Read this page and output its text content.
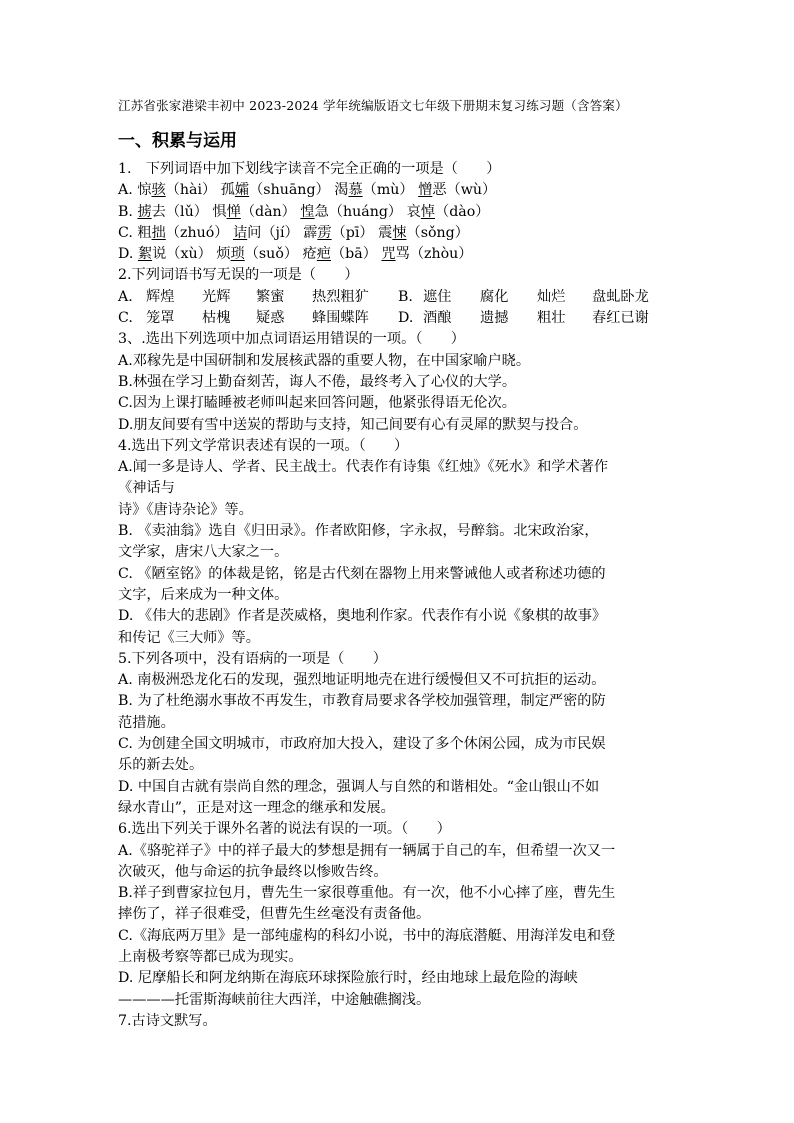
江苏省张家港梁丰初中 2023-2024 学年统编版语文七年级下册期末复习练习题（含答案）
一、积累与运用
1.　下列词语中加下划线字读音不完全正确的一项是（　　）
A. 惊骇（hài） 孤孀（shuāng） 渴慕（mù） 憎恶（wù）
B. 掳去（lǔ） 惧惮（dàn） 惶急（huáng） 哀悼（dào）
C. 粗拙（zhuó） 诘问（jí） 霹雳（pī） 震悚（sǒng）
D. 絮说（xù） 烦琐（suǒ） 疮疤（bā） 咒骂（zhòu）
2.下列词语书写无误的一项是（　　）
A. 辉煌 光辉 繁蜜 热烈粗犷 B. 遮住 腐化 灿烂 盘虬卧龙
C. 笼罩 枯槐 疑惑 蜂围蝶阵 D. 酒酿 遗撼 粗壮 春红已谢
3、.选出下列选项中加点词语运用错误的一项。（　　）
A.邓稼先是中国研制和发展核武器的重要人物，在中国家喻户晓。
B.林强在学习上勤奋刻苦，诲人不倦，最终考入了心仪的大学。
C.因为上课打瞌睡被老师叫起来回答问题，他紧张得语无伦次。
D.朋友间要有雪中送炭的帮助与支持，知己间要有心有灵犀的默契与投合。
4.选出下列文学常识表述有误的一项。（　　）
A.闻一多是诗人、学者、民主战士。代表作有诗集《红烛》《死水》和学术著作
《神话与
诗》《唐诗杂论》等。
B. 《卖油翁》选自《归田录》。作者欧阳修，字永叔，号醉翁。北宋政治家，
文学家，唐宋八大家之一。
C. 《陋室铭》的体裁是铭，铭是古代刻在器物上用来警诫他人或者称述功德的
文字，后来成为一种文体。
D. 《伟大的悲剧》作者是茨威格，奥地利作家。代表作有小说《象棋的故事》
和传记《三大师》等。
5.下列各项中，没有语病的一项是（　　）
A. 南极洲恐龙化石的发现，强烈地证明地壳在进行缓慢但又不可抗拒的运动。
B. 为了杜绝溺水事故不再发生，市教育局要求各学校加强管理，制定严密的防
范措施。
C. 为创建全国文明城市，市政府加大投入，建设了多个休闲公园，成为市民娱
乐的新去处。
D. 中国自古就有崇尚自然的理念，强调人与自然的和谐相处。“金山银山不如
绿水青山”，正是对这一理念的继承和发展。
6.选出下列关于课外名著的说法有误的一项。（　　）
A.《骆驼祥子》中的祥子最大的梦想是拥有一辆属于自己的车，但希望一次又一
次破灭，他与命运的抗争最终以惨败告终。
B.祥子到曹家拉包月，曹先生一家很尊重他。有一次，他不小心摔了座，曹先生
摔伤了，祥子很难受，但曹先生丝毫没有责备他。
C.《海底两万里》是一部纯虚构的科幻小说，书中的海底潜艇、用海洋发电和登
上南极考察等都已成为现实。
D. 尼摩船长和阿龙纳斯在海底环球探险旅行时，经由地球上最危险的海峡
————托雷斯海峡前往大西洋，中途触礁搁浅。
7.古诗文默写。
